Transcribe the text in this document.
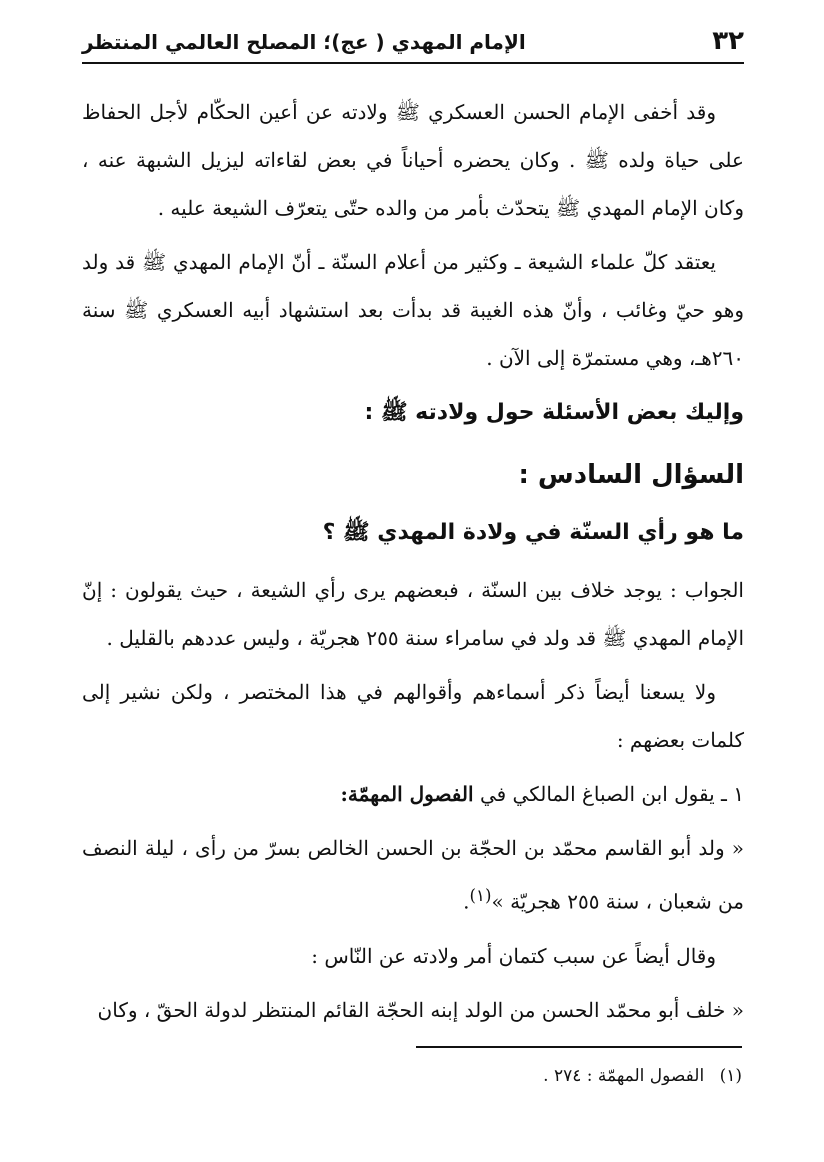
٣٢
الإمام المهدي ( عج)؛ المصلح العالمي المنتظر

وقد أخفى الإمام الحسن العسكري ﷺ ولادته عن أعين الحكّام لأجل الحفاظ على حياة ولده ﷺ . وكان يحضره أحياناً في بعض لقاءاته ليزيل الشبهة عنه ، وكان الإمام المهدي ﷺ يتحدّث بأمر من والده حتّى يتعرّف الشيعة عليه .

يعتقد كلّ علماء الشيعة ـ وكثير من أعلام السنّة ـ أنّ الإمام المهدي ﷺ قد ولد وهو حيّ وغائب ، وأنّ هذه الغيبة قد بدأت بعد استشهاد أبيه العسكري ﷺ سنة ٢٦٠هـ، وهي مستمرّة إلى الآن .

وإليك بعض الأسئلة حول ولادته ﷺ :

السؤال السادس :

ما هو رأي السنّة في ولادة المهدي ﷺ ؟

الجواب : يوجد خلاف بين السنّة ، فبعضهم يرى رأي الشيعة ، حيث يقولون : إنّ الإمام المهدي ﷺ قد ولد في سامراء سنة ٢٥٥ هجريّة ، وليس عددهم بالقليل .

ولا يسعنا أيضاً ذكر أسماءهم وأقوالهم في هذا المختصر ، ولكن نشير إلى كلمات بعضهم :

١ ـ يقول ابن الصباغ المالكي في الفصول المهمّة:

« ولد أبو القاسم محمّد بن الحجّة بن الحسن الخالص بسرّ من رأى ، ليلة النصف من شعبان ، سنة ٢٥٥ هجريّة »$^{(١)}$.

وقال أيضاً عن سبب كتمان أمر ولادته عن النّاس :

« خلف أبو محمّد الحسن من الولد إبنه الحجّة القائم المنتظر لدولة الحقّ ، وكان

(١) الفصول المهمّة : ٢٧٤ .
